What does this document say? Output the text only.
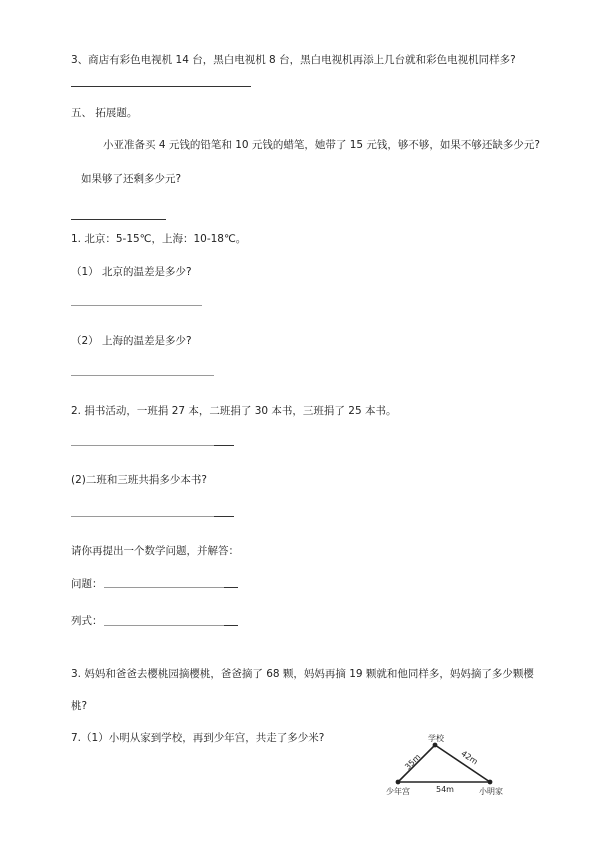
3、商店有彩色电视机 14 台，黑白电视机 8 台，黑白电视机再添上几台就和彩色电视机同样多?
五、 拓展题。
小亚准备买 4 元钱的铅笔和 10 元钱的蜡笔，她带了 15 元钱，够不够，如果不够还缺多少元?
如果够了还剩多少元?
1. 北京：5-15℃，上海：10-18℃。
（1） 北京的温差是多少?
（2） 上海的温差是多少?
2. 捐书活动，一班捐 27 本，二班捐了 30 本书，三班捐了 25 本书。
(2)二班和三班共捐多少本书?
请你再提出一个数学问题，并解答：
问题：
列式：
3. 妈妈和爸爸去樱桃园摘樱桃，爸爸摘了 68 颗，妈妈再摘 19 颗就和他同样多，妈妈摘了多少颗樱
桃?
7.（1）小明从家到学校，再到少年宫，共走了多少米?	学校
少年宫	小明家
35m	42m
54m
